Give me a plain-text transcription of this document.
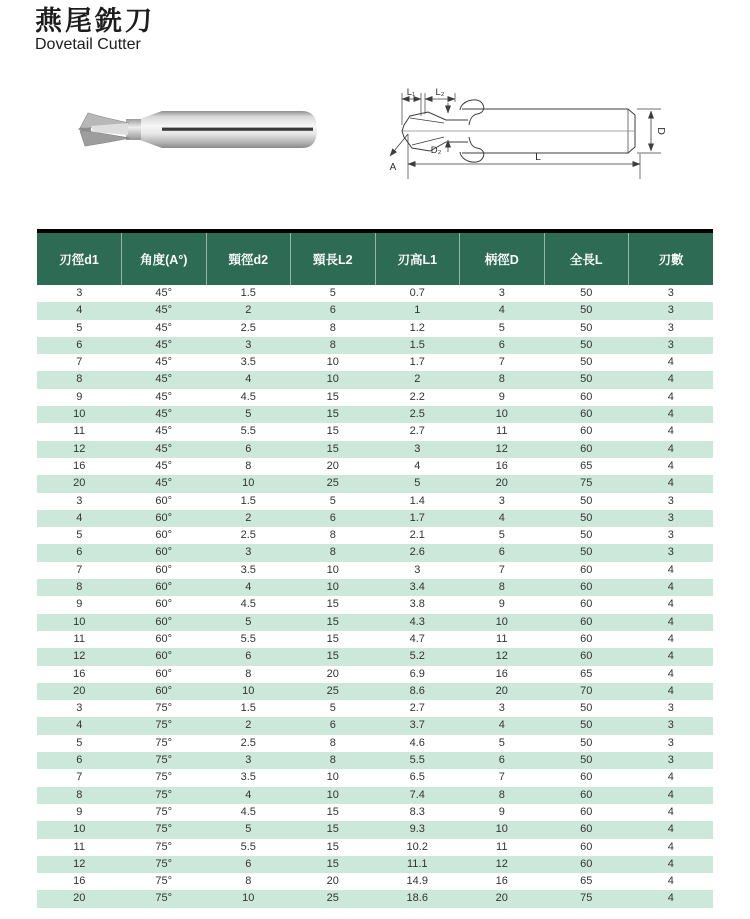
燕尾銑刀
Dovetail Cutter
L₁ L₂
D₂
A
L
D
刃徑d1	角度(A°)	頸徑d2	頸長L2	刃高L1	柄徑D	全長L	刃數
3	45°	1.5	5	0.7	3	50	3
4	45°	2	6	1	4	50	3
5	45°	2.5	8	1.2	5	50	3
6	45°	3	8	1.5	6	50	3
7	45°	3.5	10	1.7	7	50	4
8	45°	4	10	2	8	50	4
9	45°	4.5	15	2.2	9	60	4
10	45°	5	15	2.5	10	60	4
11	45°	5.5	15	2.7	11	60	4
12	45°	6	15	3	12	60	4
16	45°	8	20	4	16	65	4
20	45°	10	25	5	20	75	4
3	60°	1.5	5	1.4	3	50	3
4	60°	2	6	1.7	4	50	3
5	60°	2.5	8	2.1	5	50	3
6	60°	3	8	2.6	6	50	3
7	60°	3.5	10	3	7	60	4
8	60°	4	10	3.4	8	60	4
9	60°	4.5	15	3.8	9	60	4
10	60°	5	15	4.3	10	60	4
11	60°	5.5	15	4.7	11	60	4
12	60°	6	15	5.2	12	60	4
16	60°	8	20	6.9	16	65	4
20	60°	10	25	8.6	20	70	4
3	75°	1.5	5	2.7	3	50	3
4	75°	2	6	3.7	4	50	3
5	75°	2.5	8	4.6	5	50	3
6	75°	3	8	5.5	6	50	3
7	75°	3.5	10	6.5	7	60	4
8	75°	4	10	7.4	8	60	4
9	75°	4.5	15	8.3	9	60	4
10	75°	5	15	9.3	10	60	4
11	75°	5.5	15	10.2	11	60	4
12	75°	6	15	11.1	12	60	4
16	75°	8	20	14.9	16	65	4
20	75°	10	25	18.6	20	75	4
